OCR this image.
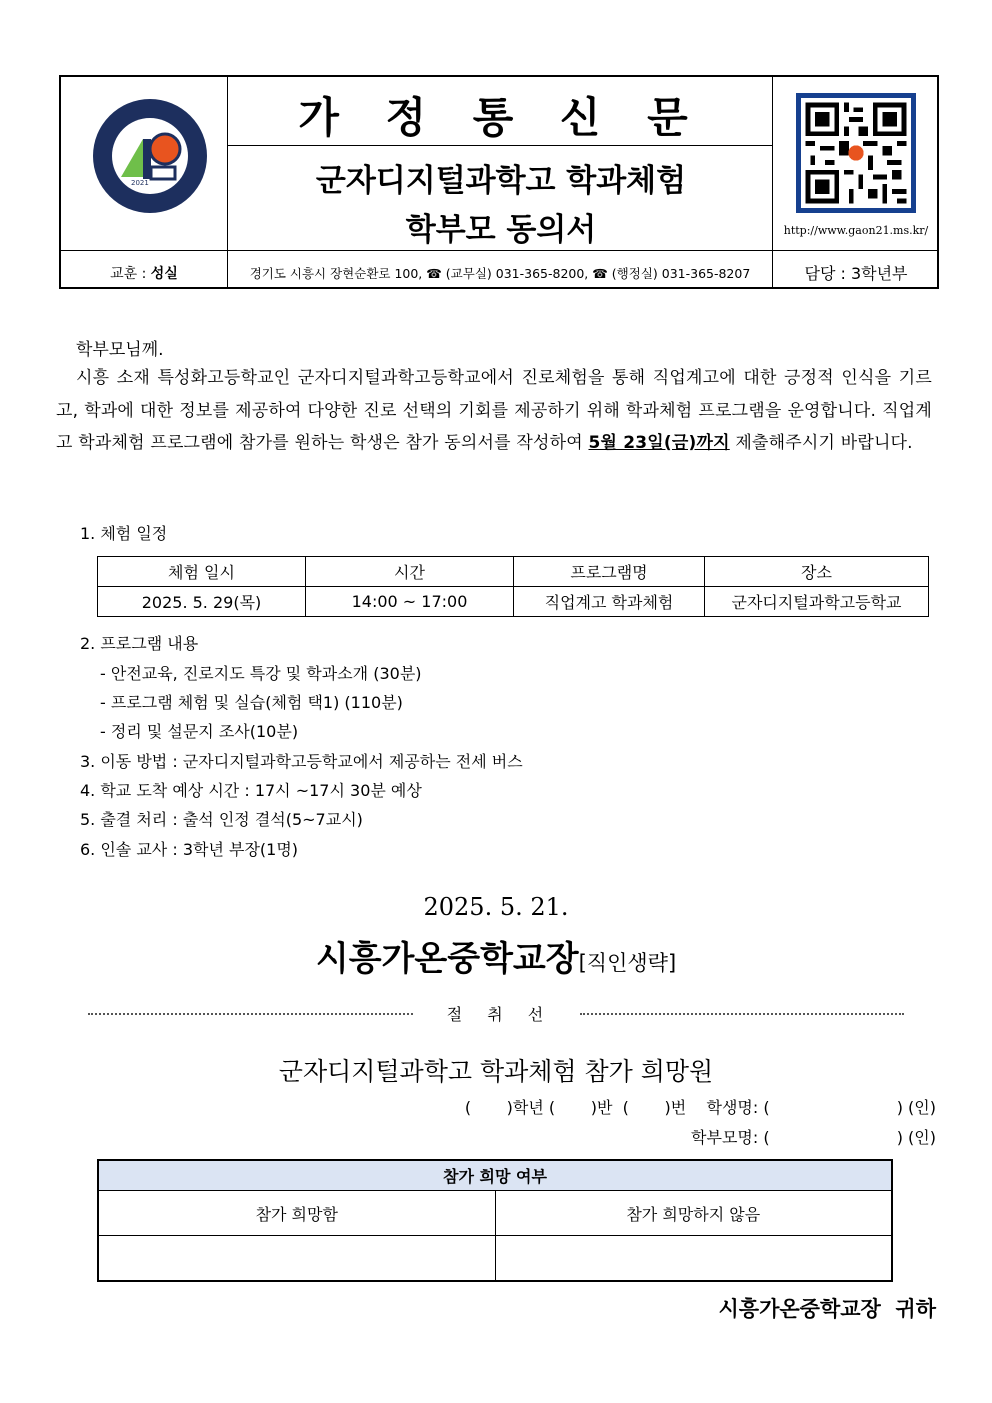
2021
가 정 통 신 문
군자디지털과학고 학과체험
학부모 동의서	http://www.gaon21.ms.kr/
교훈 : 성실	경기도 시흥시 장현순환로 100, ☎ (교무실) 031-365-8200, ☎ (행정실) 031-365-8207	담당 : 3학년부
학부모님께.
시흥 소재 특성화고등학교인 군자디지털과학고등학교에서 진로체험을 통해 직업계고에 대한 긍정적 인식을 기르고, 학과에 대한 정보를 제공하여 다양한 진로 선택의 기회를 제공하기 위해 학과체험 프로그램을 운영합니다. 직업계고 학과체험 프로그램에 참가를 원하는 학생은 참가 동의서를 작성하여 5월 23일(금)까지 제출해주시기 바랍니다.
1. 체험 일정
체험 일시	시간	프로그램명	장소
2025. 5. 29(목)	14:00 ~ 17:00	직업계고 학과체험	군자디지털과학고등학교
2. 프로그램 내용
- 안전교육, 진로지도 특강 및 학과소개 (30분)
- 프로그램 체험 및 실습(체험 택1) (110분)
- 정리 및 설문지 조사(10분)
3. 이동 방법 : 군자디지털과학고등학교에서 제공하는 전세 버스
4. 학교 도착 예상 시간 : 17시 ~17시 30분 예상
5. 출결 처리 : 출석 인정 결석(5~7교시)
6. 인솔 교사 : 3학년 부장(1명)
2025. 5. 21.
시흥가온중학교장[직인생략]
절 취 선
군자디지털과학고 학과체험 참가 희망원
(       )학년 (       )반  (       )번    학생명: (                         ) (인)
학부모명: (                         ) (인)
참가 희망 여부	
참가 희망함	참가 희망하지 않음

시흥가온중학교장  귀하
